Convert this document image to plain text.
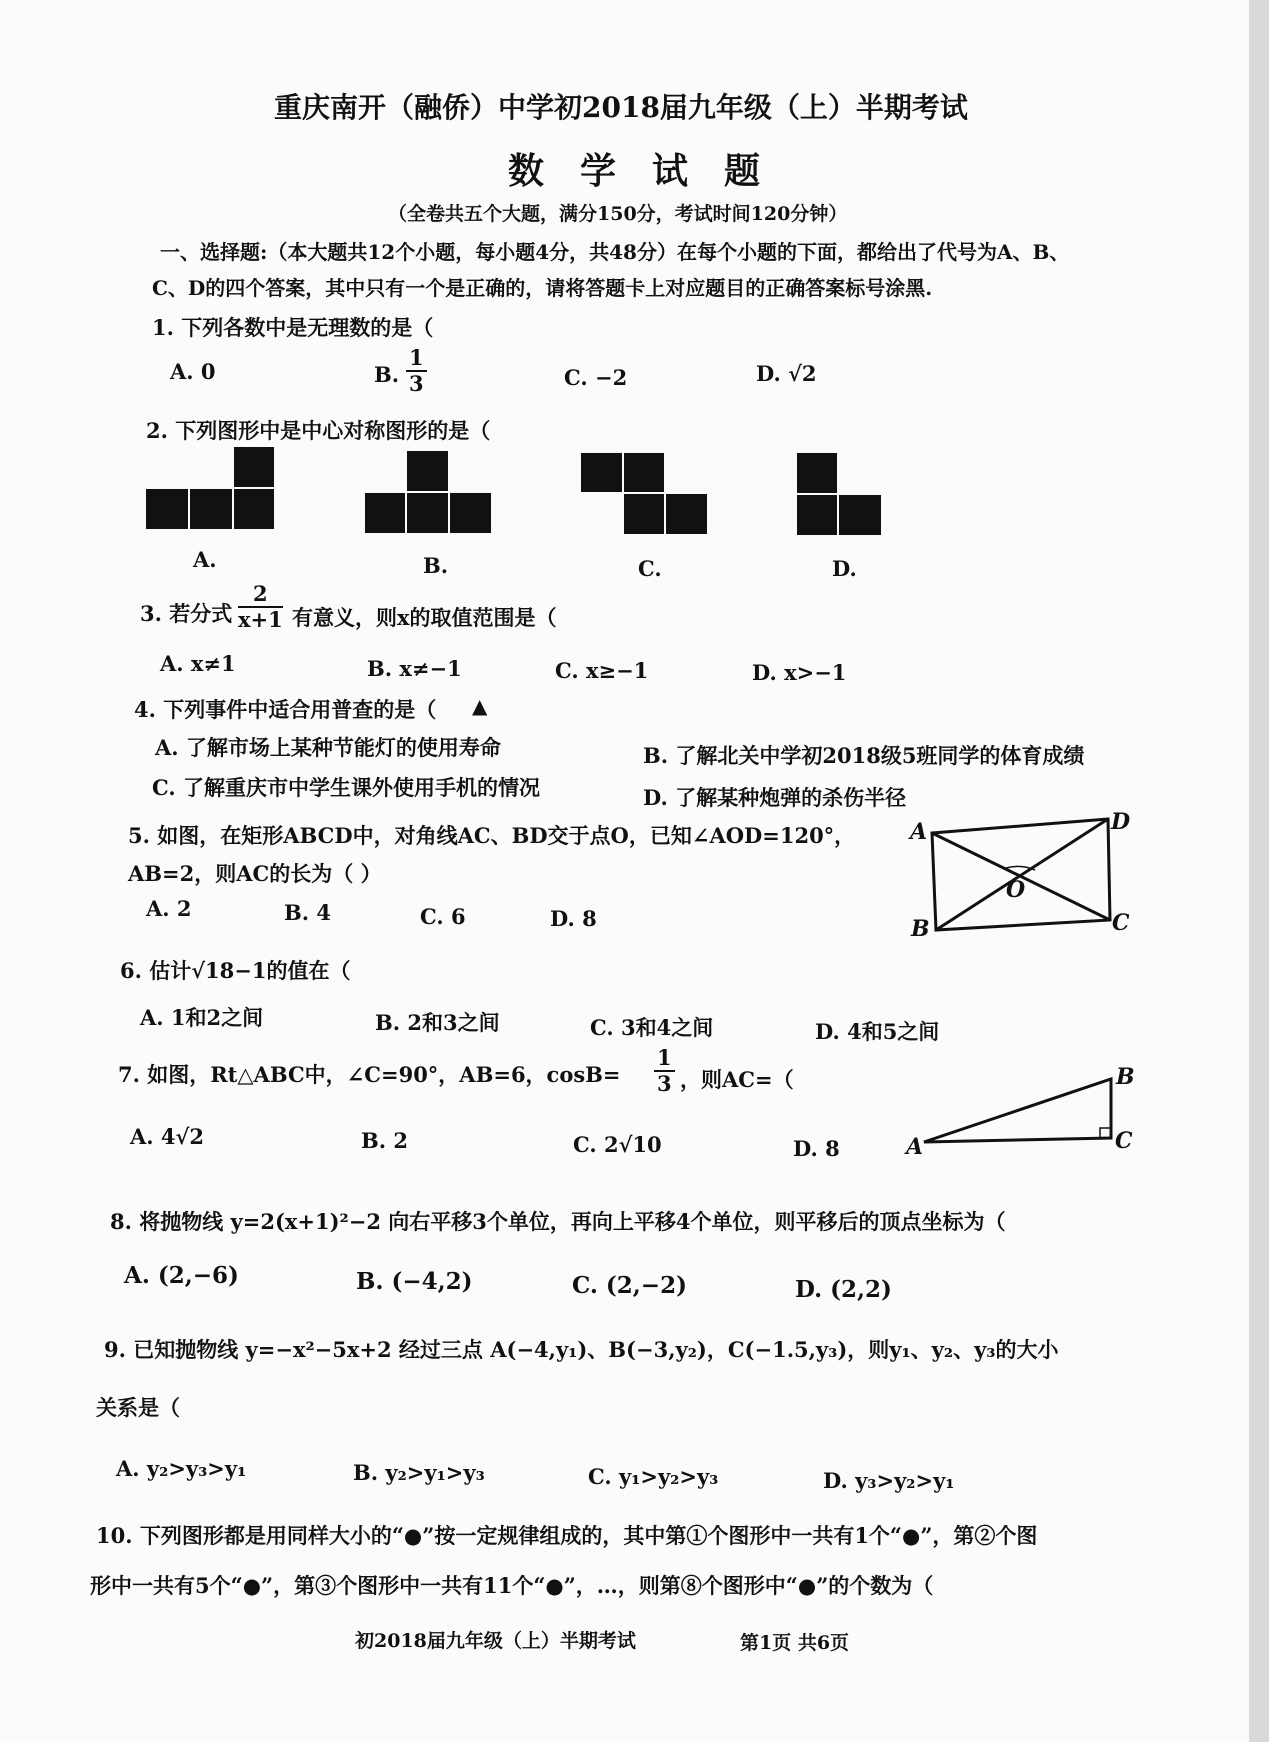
重庆南开（融侨）中学初2018届九年级（上）半期考试
数学试题
（全卷共五个大题，满分150分，考试时间120分钟）
一、选择题:（本大题共12个小题，每小题4分，共48分）在每个小题的下面，都给出了代号为A、B、
C、D的四个答案，其中只有一个是正确的，请将答题卡上对应题目的正确答案标号涂黑.
1. 下列各数中是无理数的是（
A. 0	B. $\frac{1}{3}$	C. −2	D. √2
2. 下列图形中是中心对称图形的是（
A.	B.	C.	D.
3. 若分式 $\frac{2}{x+1}$ 有意义，则x的取值范围是（
A. x≠1	B. x≠−1	C. x≥−1	D. x>−1
4. 下列事件中适合用普查的是（ ▲
A. 了解市场上某种节能灯的使用寿命	B. 了解北关中学初2018级5班同学的体育成绩
C. 了解重庆市中学生课外使用手机的情况	D. 了解某种炮弹的杀伤半径
5. 如图，在矩形ABCD中，对角线AC、BD交于点O，已知∠AOD=120°，
AB=2，则AC的长为（ ）
A. 2	B. 4	C. 6	D. 8
A	D
B	C
O
6. 估计√18−1的值在（
A. 1和2之间	B. 2和3之间	C. 3和4之间	D. 4和5之间
7. 如图，Rt△ABC中，∠C=90°，AB=6，$\cos B= \frac{1}{3}$ ，则AC=（
A. 4√2	B. 2	C. 2√10	D. 8
B
A	C
8. 将抛物线 y=2(x+1)²−2 向右平移3个单位，再向上平移4个单位，则平移后的顶点坐标为（
A. (2,−6)	B. (−4,2)	C. (2,−2)	D. (2,2)
9. 已知抛物线 y=−x²−5x+2 经过三点 A(−4,y₁)、B(−3,y₂)，C(−1.5,y₃)，则y₁、y₂、y₃的大小
关系是（
A. y₂>y₃>y₁	B. y₂>y₁>y₃	C. y₁>y₂>y₃	D. y₃>y₂>y₁
10. 下列图形都是用同样大小的“●”按一定规律组成的，其中第①个图形中一共有1个“●”，第②个图
形中一共有5个“●”，第③个图形中一共有11个“●”，…，则第⑧个图形中“●”的个数为（
初2018届九年级（上）半期考试	第1页 共6页
